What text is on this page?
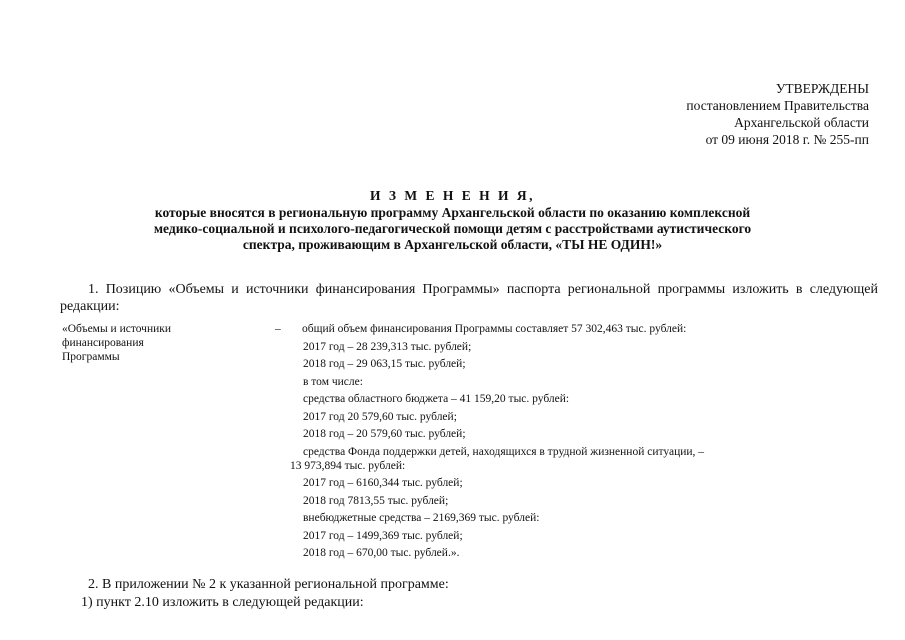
УТВЕРЖДЕНЫ
постановлением Правительства
Архангельской области
от 09 июня 2018 г. № 255-пп
И З М Е Н Е Н И Я,
которые вносятся в региональную программу Архангельской области по оказанию комплексной
медико-социальной и психолого-педагогической помощи детям с расстройствами аутистического
спектра, проживающим в Архангельской области, «ТЫ НЕ ОДИН!»
1. Позицию «Объемы и источники финансирования Программы» паспорта региональной программы изложить в следующей редакции:
«Объемы и источники
финансирования
Программы
– общий объем финансирования Программы составляет 57 302,463 тыс. рублей:
2017 год – 28 239,313 тыс. рублей;
2018 год – 29 063,15 тыс. рублей;
в том числе:
средства областного бюджета – 41 159,20 тыс. рублей:
2017 год 20 579,60 тыс. рублей;
2018 год – 20 579,60 тыс. рублей;
средства Фонда поддержки детей, находящихся в трудной жизненной ситуации, –
13 973,894 тыс. рублей:
2017 год – 6160,344 тыс. рублей;
2018 год 7813,55 тыс. рублей;
внебюджетные средства – 2169,369 тыс. рублей:
2017 год – 1499,369 тыс. рублей;
2018 год – 670,00 тыс. рублей.».
2. В приложении № 2 к указанной региональной программе:
1) пункт 2.10 изложить в следующей редакции:
